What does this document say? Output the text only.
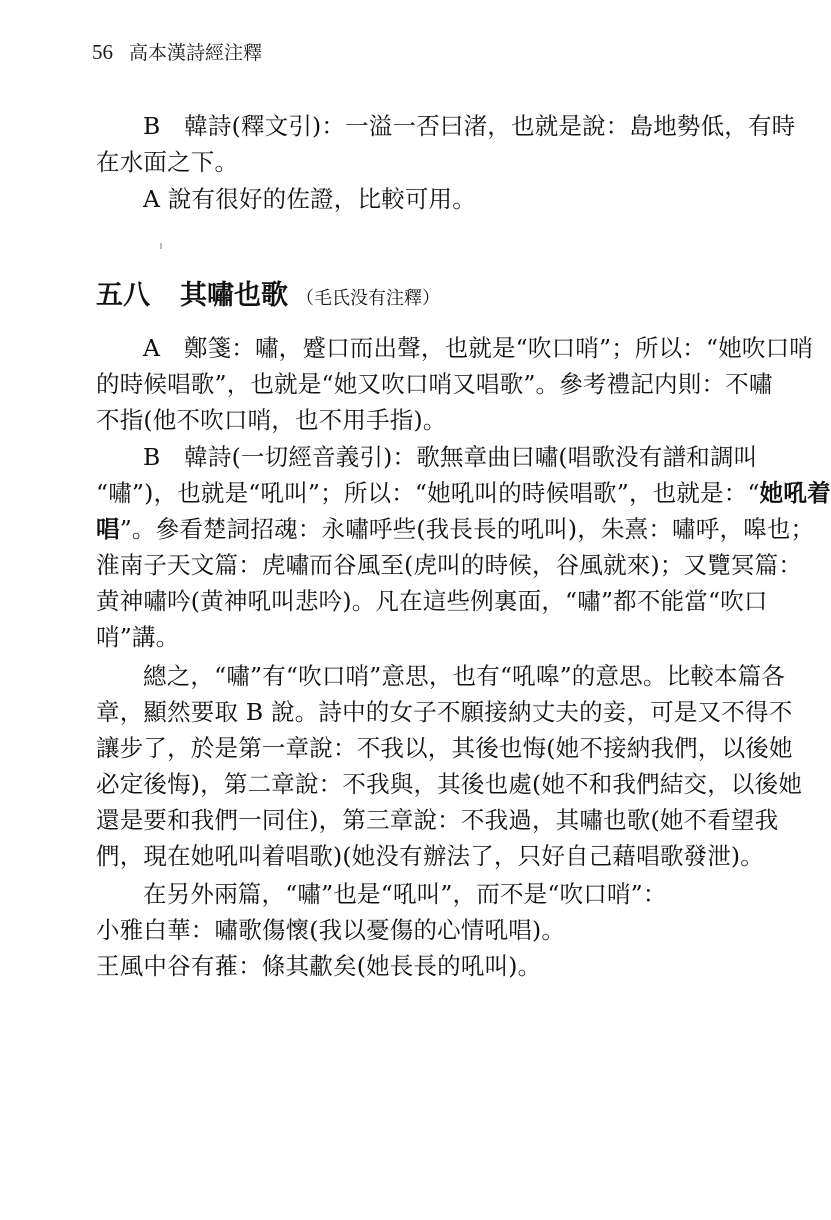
56 高本漢詩經注釋
B　韓詩(釋文引)：一溢一否曰渚，也就是說：島地勢低，有時
在水面之下。
A 說有很好的佐證，比較可用。
五八 其嘯也歌 （毛氏没有注釋）
A　鄭箋：嘯，蹙口而出聲，也就是“吹口哨”；所以：“她吹口哨
的時候唱歌”，也就是“她又吹口哨又唱歌”。參考禮記内則：不嘯
不指(他不吹口哨，也不用手指)。
B　韓詩(一切經音義引)：歌無章曲曰嘯(唱歌没有譜和調叫
“嘯”)，也就是“吼叫”；所以：“她吼叫的時候唱歌”，也就是：“她吼着
唱”。參看楚詞招魂：永嘯呼些(我長長的吼叫)，朱熹：嘯呼，嗥也；
淮南子天文篇：虎嘯而谷風至(虎叫的時候，谷風就來)；又覽冥篇：
黄神嘯吟(黄神吼叫悲吟)。凡在這些例裏面，“嘯”都不能當“吹口
哨”講。
總之，“嘯”有“吹口哨”意思，也有“吼嗥”的意思。比較本篇各
章，顯然要取 B 說。詩中的女子不願接納丈夫的妾，可是又不得不
讓步了，於是第一章說：不我以，其後也悔(她不接納我們，以後她
必定後悔)，第二章說：不我與，其後也處(她不和我們結交，以後她
還是要和我們一同住)，第三章說：不我過，其嘯也歌(她不看望我
們，現在她吼叫着唱歌)(她没有辦法了，只好自己藉唱歌發泄)。
在另外兩篇，“嘯”也是“吼叫”，而不是“吹口哨”：
小雅白華：嘯歌傷懷(我以憂傷的心情吼唱)。
王風中谷有蓷：條其歗矣(她長長的吼叫)。
